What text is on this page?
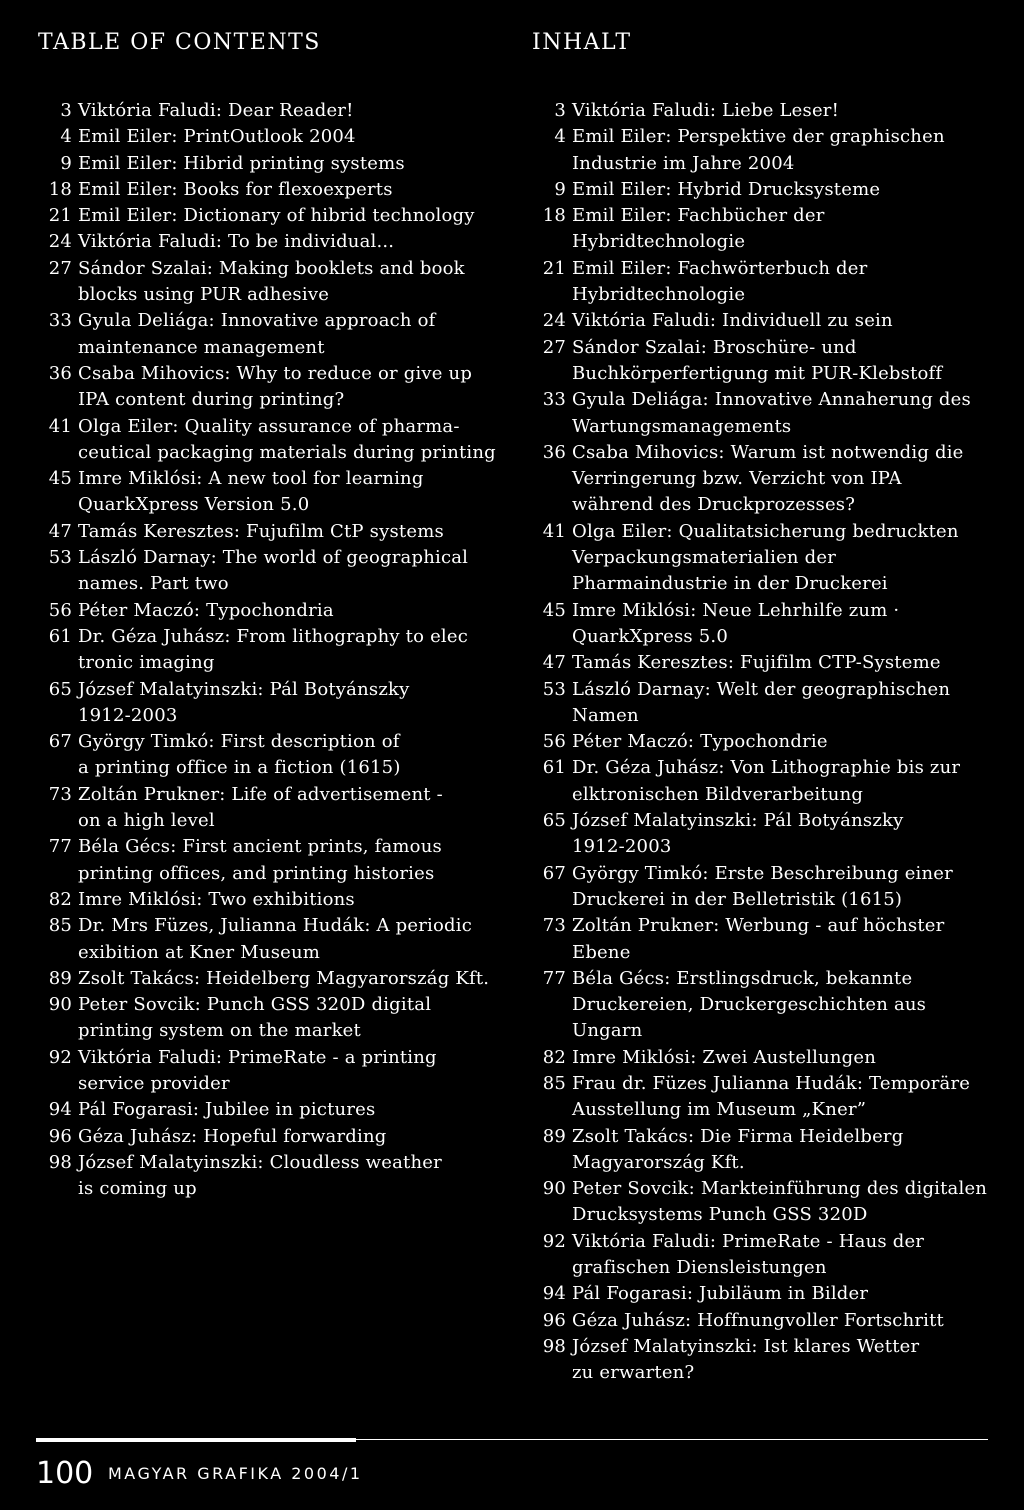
TABLE OF CONTENTS
3 Viktória Faludi: Dear Reader!
4 Emil Eiler: PrintOutlook 2004
9 Emil Eiler: Hibrid printing systems
18 Emil Eiler: Books for flexoexperts
21 Emil Eiler: Dictionary of hibrid technology
24 Viktória Faludi: To be individual...
27 Sándor Szalai: Making booklets and book
blocks using PUR adhesive
33 Gyula Deliága: Innovative approach of
maintenance management
36 Csaba Mihovics: Why to reduce or give up
IPA content during printing?
41 Olga Eiler: Quality assurance of pharma-
ceutical packaging materials during printing
45 Imre Miklósi: A new tool for learning
QuarkXpress Version 5.0
47 Tamás Keresztes: Fujufilm CtP systems
53 László Darnay: The world of geographical
names. Part two
56 Péter Maczó: Typochondria
61 Dr. Géza Juhász: From lithography to elec
tronic imaging
65 József Malatyinszki: Pál Botyánszky
1912-2003
67 György Timkó: First description of
a printing office in a fiction (1615)
73 Zoltán Prukner: Life of advertisement -
on a high level
77 Béla Gécs: First ancient prints, famous
printing offices, and printing histories
82 Imre Miklósi: Two exhibitions
85 Dr. Mrs Füzes, Julianna Hudák: A periodic
exibition at Kner Museum
89 Zsolt Takács: Heidelberg Magyarország Kft.
90 Peter Sovcik: Punch GSS 320D digital
printing system on the market
92 Viktória Faludi: PrimeRate - a printing
service provider
94 Pál Fogarasi: Jubilee in pictures
96 Géza Juhász: Hopeful forwarding
98 József Malatyinszki: Cloudless weather
is coming up
INHALT
3 Viktória Faludi: Liebe Leser!
4 Emil Eiler: Perspektive der graphischen
Industrie im Jahre 2004
9 Emil Eiler: Hybrid Drucksysteme
18 Emil Eiler: Fachbücher der
Hybridtechnologie
21 Emil Eiler: Fachwörterbuch der
Hybridtechnologie
24 Viktória Faludi: Individuell zu sein
27 Sándor Szalai: Broschüre- und
Buchkörperfertigung mit PUR-Klebstoff
33 Gyula Deliága: Innovative Annaherung des
Wartungsmanagements
36 Csaba Mihovics: Warum ist notwendig die
Verringerung bzw. Verzicht von IPA
während des Druckprozesses?
41 Olga Eiler: Qualitatsicherung bedruckten
Verpackungsmaterialien der
Pharmaindustrie in der Druckerei
45 Imre Miklósi: Neue Lehrhilfe zum ·
QuarkXpress 5.0
47 Tamás Keresztes: Fujifilm CTP-Systeme
53 László Darnay: Welt der geographischen
Namen
56 Péter Maczó: Typochondrie
61 Dr. Géza Juhász: Von Lithographie bis zur
elktronischen Bildverarbeitung
65 József Malatyinszki: Pál Botyánszky
1912-2003
67 György Timkó: Erste Beschreibung einer
Druckerei in der Belletristik (1615)
73 Zoltán Prukner: Werbung - auf höchster
Ebene
77 Béla Gécs: Erstlingsdruck, bekannte
Druckereien, Druckergeschichten aus
Ungarn
82 Imre Miklósi: Zwei Austellungen
85 Frau dr. Füzes Julianna Hudák: Temporäre
Ausstellung im Museum „Kner”
89 Zsolt Takács: Die Firma Heidelberg
Magyarország Kft.
90 Peter Sovcik: Markteinführung des digitalen
Drucksystems Punch GSS 320D
92 Viktória Faludi: PrimeRate - Haus der
grafischen Diensleistungen
94 Pál Fogarasi: Jubiläum in Bilder
96 Géza Juhász: Hoffnungvoller Fortschritt
98 József Malatyinszki: Ist klares Wetter
zu erwarten?
100 MAGYAR GRAFIKA 2004/1
